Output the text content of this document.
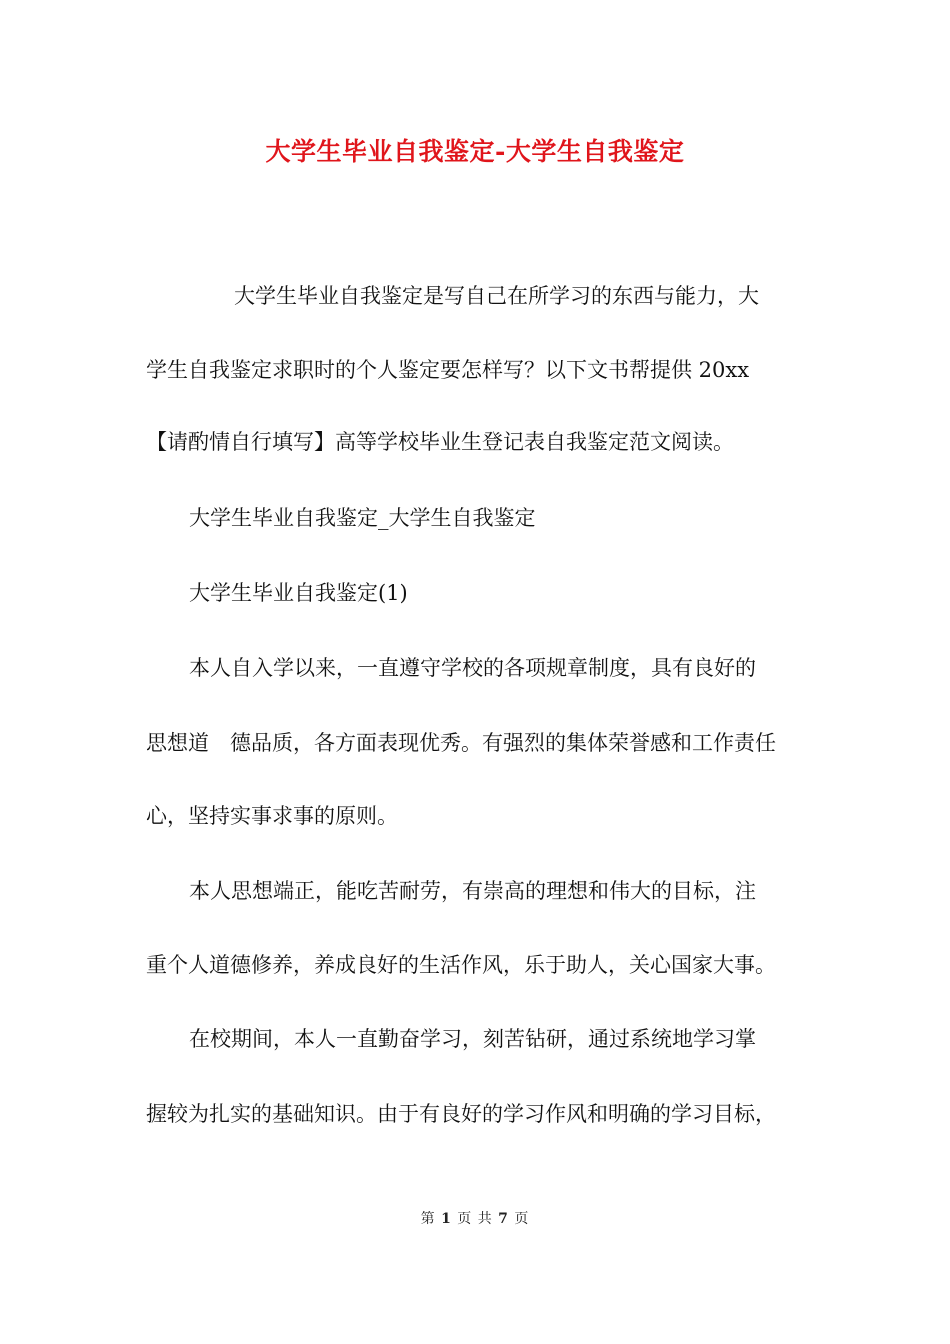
大学生毕业自我鉴定-大学生自我鉴定
大学生毕业自我鉴定是写自己在所学习的东西与能力，大
学生自我鉴定求职时的个人鉴定要怎样写？以下文书帮提供 20xx
【请酌情自行填写】高等学校毕业生登记表自我鉴定范文阅读。
大学生毕业自我鉴定_大学生自我鉴定
大学生毕业自我鉴定(1)
本人自入学以来，一直遵守学校的各项规章制度，具有良好的
思想道　德品质，各方面表现优秀。有强烈的集体荣誉感和工作责任
心，坚持实事求事的原则。
本人思想端正，能吃苦耐劳，有崇高的理想和伟大的目标，注
重个人道德修养，养成良好的生活作风，乐于助人，关心国家大事。
在校期间，本人一直勤奋学习，刻苦钻研，通过系统地学习掌
握较为扎实的基础知识。由于有良好的学习作风和明确的学习目标，
第 1 页 共 7 页
